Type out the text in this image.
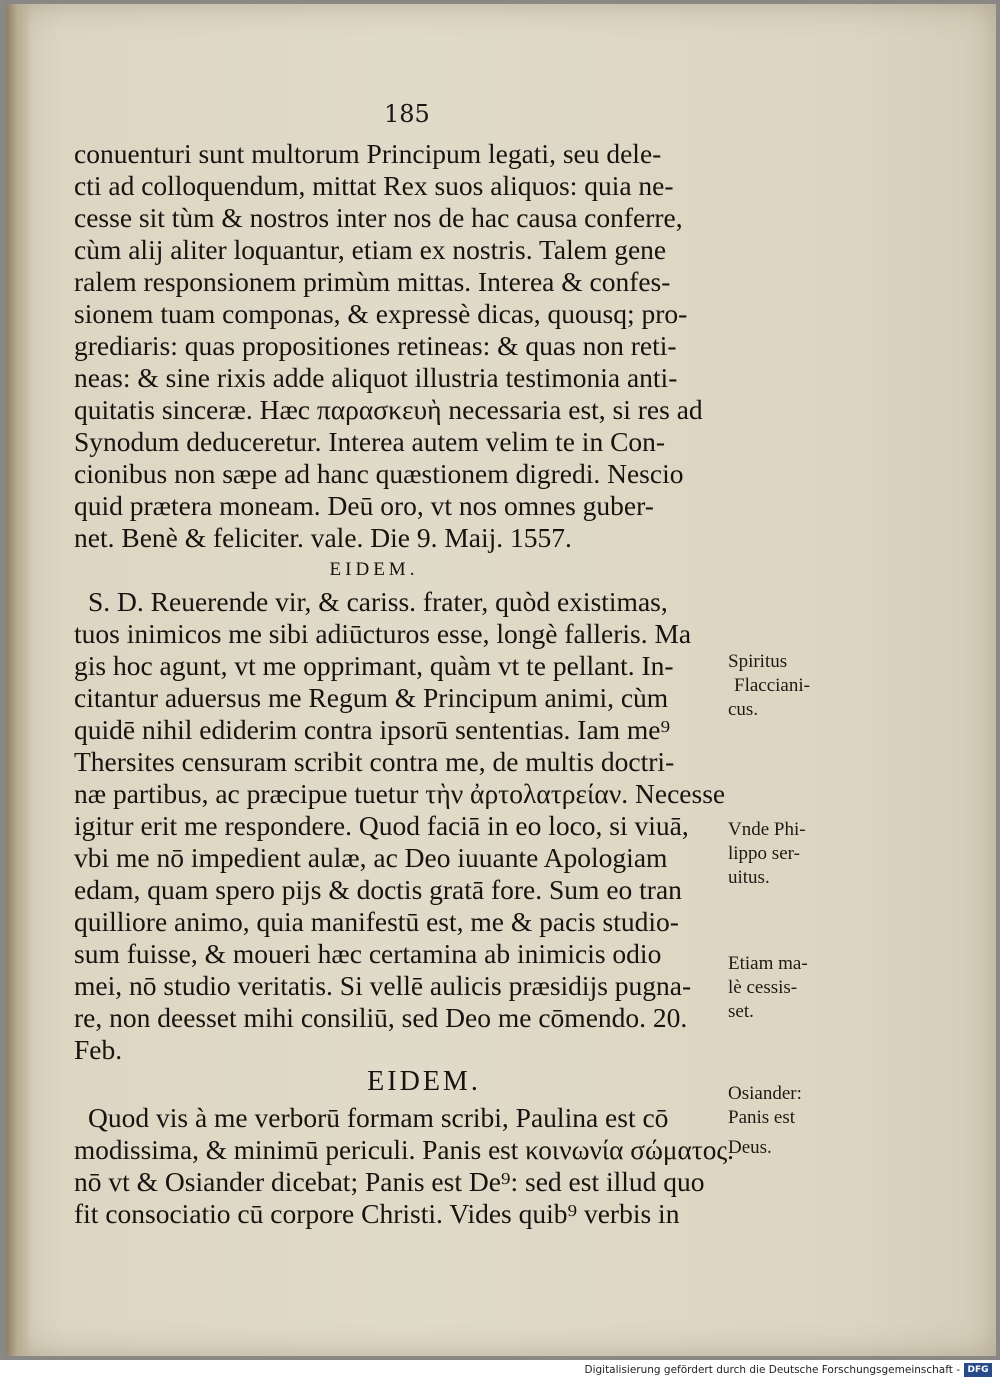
185
conuenturi sunt multorum Principum legati, seu dele-
cti ad colloquendum, mittat Rex suos aliquos: quia ne-
cesse sit tùm & nostros inter nos de hac causa conferre,
cùm alij aliter loquantur, etiam ex nostris. Talem gene
ralem responsionem primùm mittas. Interea & confes-
sionem tuam componas, & expressè dicas, quousq; pro-
grediaris: quas propositiones retineas: & quas non reti-
neas: & sine rixis adde aliquot illustria testimonia anti-
quitatis sinceræ. Hæc παρασκευὴ necessaria est, si res ad
Synodum deduceretur. Interea autem velim te in Con-
cionibus non sæpe ad hanc quæstionem digredi. Nescio
quid prætera moneam. Deū oro, vt nos omnes guber-
net. Benè & feliciter. vale. Die 9. Maij. 1557.
EIDEM.
S. D. Reuerende vir, & cariss. frater, quòd existimas,
tuos inimicos me sibi adiūcturos esse, longè falleris. Ma
gis hoc agunt, vt me opprimant, quàm vt te pellant. In-
citantur aduersus me Regum & Principum animi, cùm
quidē nihil ediderim contra ipsorū sententias. Iam me⁹
Thersites censuram scribit contra me, de multis doctri-
næ partibus, ac præcipue tuetur τὴν ἀρτολατρείαν. Necesse
igitur erit me respondere. Quod faciā in eo loco, si viuā,
vbi me nō impedient aulæ, ac Deo iuuante Apologiam
edam, quam spero pijs & doctis gratā fore. Sum eo tran
quilliore animo, quia manifestū est, me & pacis studio-
sum fuisse, & moueri hæc certamina ab inimicis odio
mei, nō studio veritatis. Si vellē aulicis præsidijs pugna-
re, non deesset mihi consiliū, sed Deo me cōmendo. 20.
Feb.
EIDEM.
Quod vis à me verborū formam scribi, Paulina est cō
modissima, & minimū periculi. Panis est κοινωνία σώματος.
nō vt & Osiander dicebat; Panis est De⁹: sed est illud quo
fit consociatio cū corpore Christi. Vides quib⁹ verbis in
Spiritus
Flacciani-
cus.
Vnde Phi-
lippo ser-
uitus.
Etiam ma-
lè cessis-
set.
Osiander:
Panis est
Deus.
Digitalisierung gefördert durch die Deutsche Forschungsgemeinschaft - DFG
